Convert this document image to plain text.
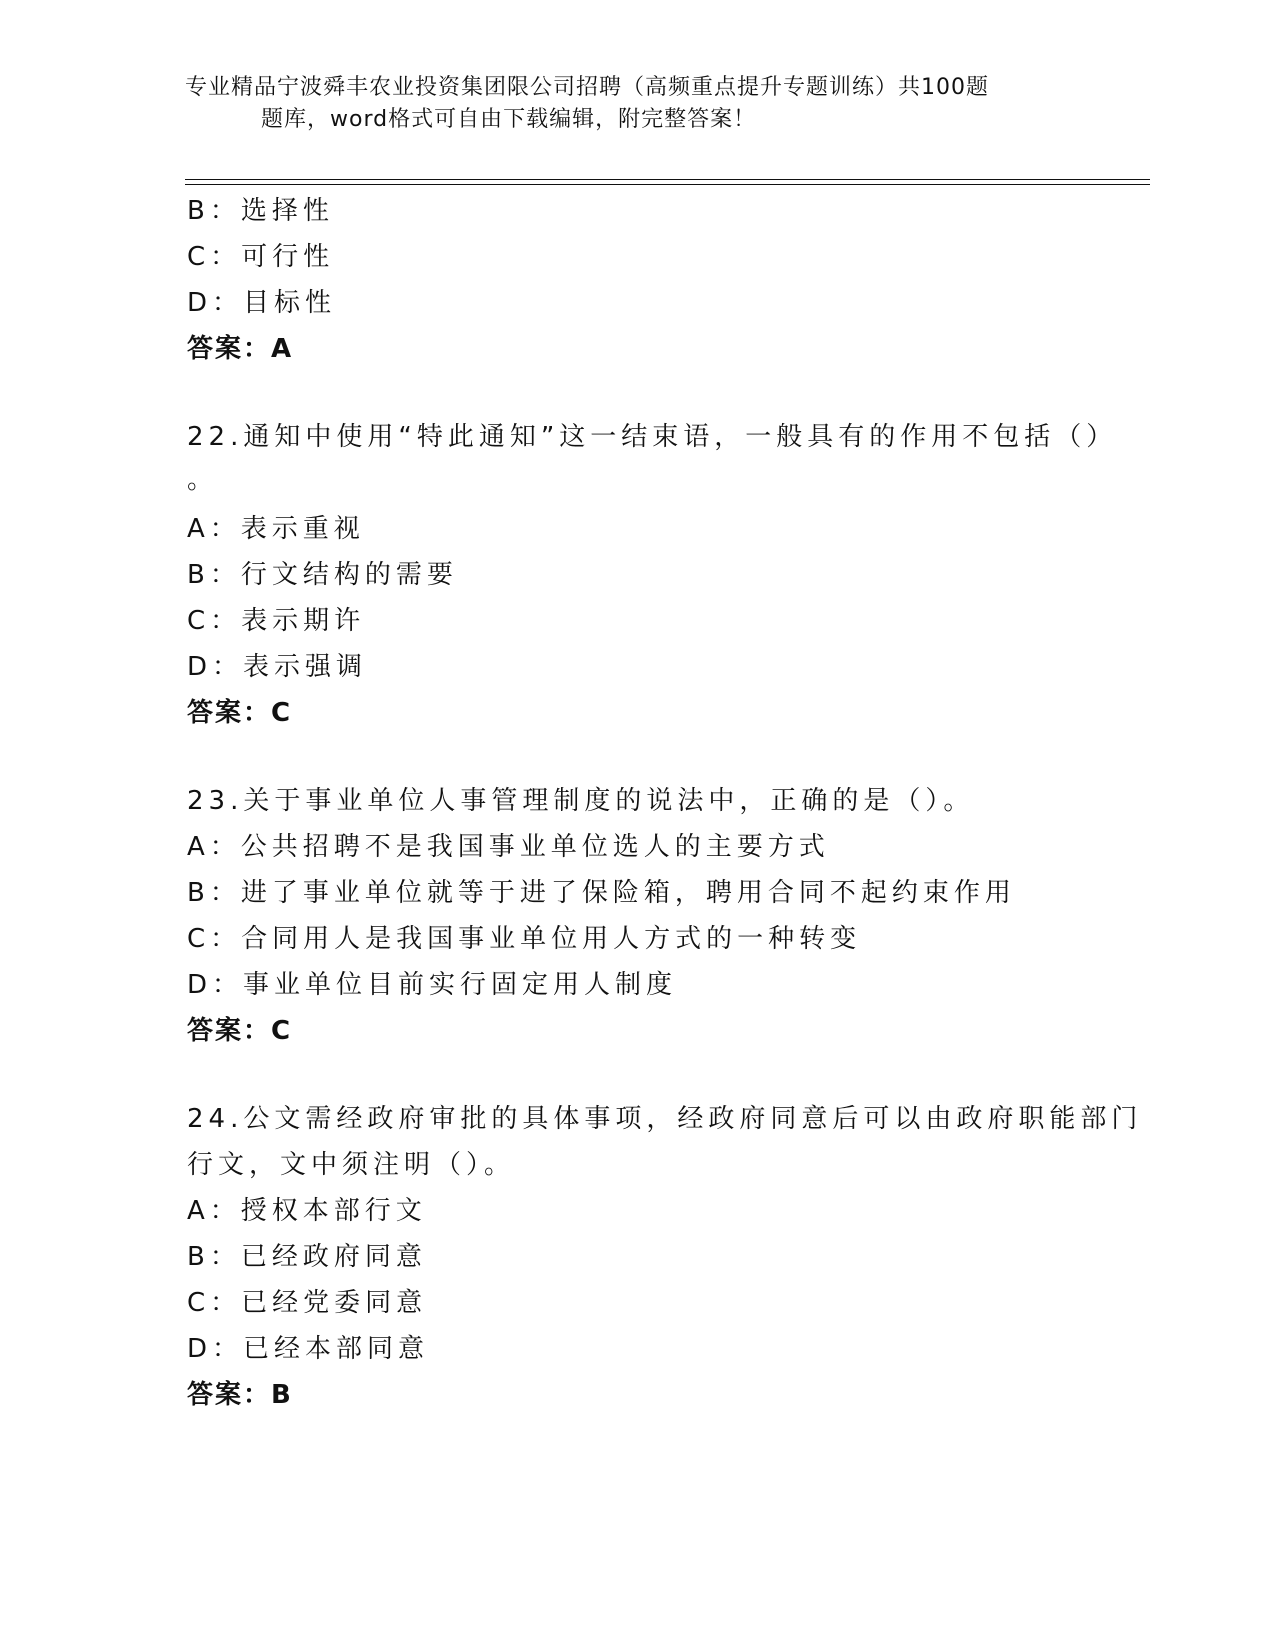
专业精品宁波舜丰农业投资集团限公司招聘（高频重点提升专题训练）共100题
题库，word格式可自由下载编辑，附完整答案！
B：选择性
C：可行性
D：目标性
答案：A
22.通知中使用“特此通知”这一结束语，一般具有的作用不包括（）
。
A：表示重视
B：行文结构的需要
C：表示期许
D：表示强调
答案：C
23.关于事业单位人事管理制度的说法中，正确的是（）。
A：公共招聘不是我国事业单位选人的主要方式
B：进了事业单位就等于进了保险箱，聘用合同不起约束作用
C：合同用人是我国事业单位用人方式的一种转变
D：事业单位目前实行固定用人制度
答案：C
24.公文需经政府审批的具体事项，经政府同意后可以由政府职能部门
行文，文中须注明（）。
A：授权本部行文
B：已经政府同意
C：已经党委同意
D：已经本部同意
答案：B
